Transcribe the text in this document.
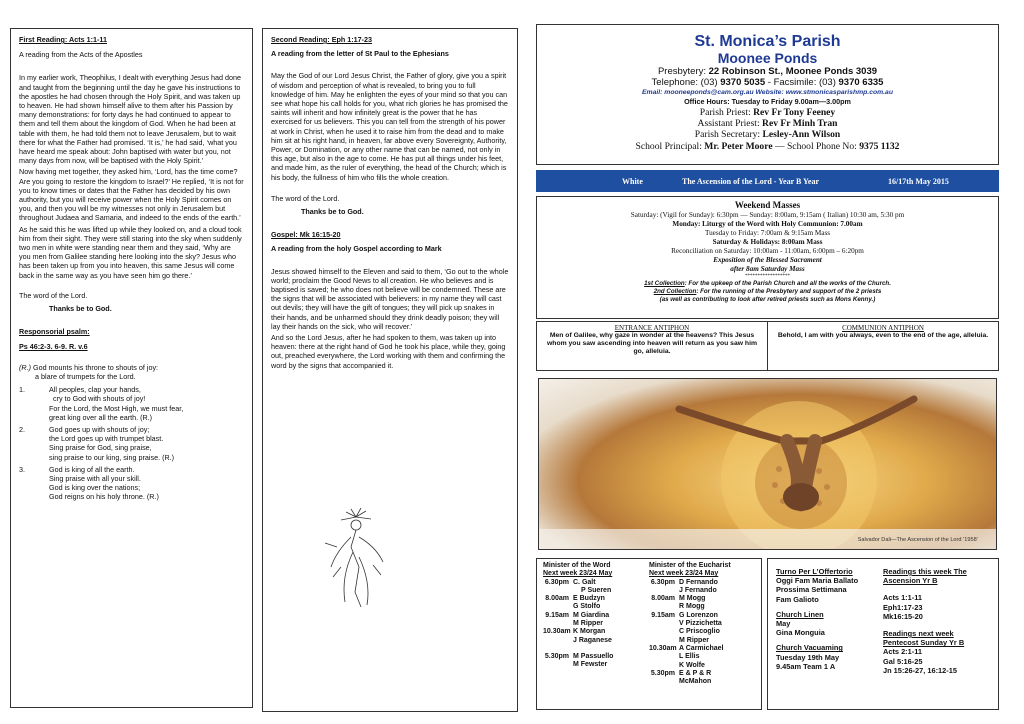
First Reading: Acts 1:1-11
A reading from the Acts of the Apostles
In my earlier work, Theophilus, I dealt with everything Jesus had done and taught from the beginning until the day he gave his instructions to the apostles he had chosen through the Holy Spirit, and was taken up to heaven. He had shown himself alive to them after his Passion by many demonstrations: for forty days he had continued to appear to them and tell them about the kingdom of God. When he had been at table with them, he had told them not to leave Jerusalem, but to wait there for what the Father had promised. ‘It is,’ he had said, ‘what you have heard me speak about: John baptised with water but you, not many days from now, will be baptised with the Holy Spirit.’
Now having met together, they asked him, ‘Lord, has the time come? Are you going to restore the kingdom to Israel?’ He replied, ‘It is not for you to know times or dates that the Father has decided by his own authority, but you will receive power when the Holy Spirit comes on you, and then you will be my witnesses not only in Jerusalem but throughout Judaea and Samaria, and indeed to the ends of the earth.’
As he said this he was lifted up while they looked on, and a cloud took him from their sight. They were still staring into the sky when suddenly two men in white were standing near them and they said, ‘Why are you men from Galilee standing here looking into the sky? Jesus who has been taken up from you into heaven, this same Jesus will come back in the same way as you have seen him go there.’
The word of the Lord.
Thanks be to God.
Responsorial psalm:
Ps 46:2-3. 6-9. R. v.6
(R.) God mounts his throne to shouts of joy:
a blare of trumpets for the Lord.
1.	All peoples, clap your hands,
cry to God with shouts of joy!
For the Lord, the Most High, we must fear,
great king over all the earth. (R.)
2.	God goes up with shouts of joy;
the Lord goes up with trumpet blast.
Sing praise for God, sing praise,
sing praise to our king, sing praise. (R.)
3.	God is king of all the earth.
Sing praise with all your skill.
God is king over the nations;
God reigns on his holy throne. (R.)
Second Reading: Eph 1:17-23
A reading from the letter of St Paul to the Ephesians
May the God of our Lord Jesus Christ, the Father of glory, give you a spirit of wisdom and perception of what is revealed, to bring you to full knowledge of him. May he enlighten the eyes of your mind so that you can see what hope his call holds for you, what rich glories he has promised the saints will inherit and how infinitely great is the power that he has exercised for us believers. This you can tell from the strength of his power at work in Christ, when he used it to raise him from the dead and to make him sit at his right hand, in heaven, far above every Sovereignty, Authority, Power, or Domination, or any other name that can be named, not only in this age, but also in the age to come. He has put all things under his feet, and made him, as the ruler of everything, the head of the Church; which is his body, the fullness of him who fills the whole creation.
The word of the Lord.
Thanks be to God.
Gospel: Mk 16:15-20
A reading from the holy Gospel according to Mark
Jesus showed himself to the Eleven and said to them, ‘Go out to the whole world; proclaim the Good News to all creation. He who believes and is baptised is saved; he who does not believe will be condemned. These are the signs that will be associated with believers: in my name they will cast out devils; they will have the gift of tongues; they will pick up snakes in their hands, and be unharmed should they drink deadly poison; they will lay their hands on the sick, who will recover.’
And so the Lord Jesus, after he had spoken to them, was taken up into heaven: there at the right hand of God he took his place, while they, going out, preached everywhere, the Lord working with them and confirming the word by the signs that accompanied it.
St. Monica’s Parish
Moonee Ponds
Presbytery: 22 Robinson St., Moonee Ponds 3039
Telephone: (03) 9370 5035 - Facsimile: (03) 9370 6335
Email: mooneeponds@cam.org.au Website: www.stmonicasparishmp.com.au
Office Hours: Tuesday to Friday 9.00am—3.00pm
Parish Priest: Rev Fr Tony Feeney
Assistant Priest: Rev Fr Minh Tran
Parish Secretary: Lesley-Ann Wilson
School Principal: Mr. Peter Moore — School Phone No: 9375 1132
White	The Ascension of the Lord - Year B Year	16/17th May 2015
Weekend Masses
Saturday: (Vigil for Sunday): 6:30pm — Sunday: 8:00am, 9:15am ( Italian) 10:30 am, 5:30 pm
Monday: Liturgy of the Word with Holy Communion: 7.00am
Tuesday to Friday: 7:00am & 9:15am Mass
Saturday & Holidays: 8:00am Mass
Reconciliation on Saturday: 10:00am - 11:00am, 6:00pm – 6:20pm
Exposition of the Blessed Sacrament
after 8am Saturday Mass
******************
1st Collection: For the upkeep of the Parish Church and all the works of the Church.
2nd Collection: For the running of the Presbytery and support of the 2 priests
(as well as contributing to look after retired priests such as Mons Kenny.)
ENTRANCE ANTIPHON
Men of Galilee, why gaze in wonder at the heavens? This Jesus whom you saw ascending into heaven will return as you saw him go, alleluia.
COMMUNION ANTIPHON
Behold, I am with you always, even to the end of the age, alleluia.
Salvador Dali—The Ascension of the Lord ‘1958’
Minister of the Word
Next week 23/24 May
6.30pm C. Galt
P Sueren
8.00am E Budzyn
G Stolfo
9.15am M Giardina
M Ripper
10.30am K Morgan
J Raganese
5.30pm M Passuello
M Fewster
Minister of the Eucharist
Next week 23/24 May
6.30pm D Fernando
J Fernando
8.00am M Mogg
R Mogg
9.15am G Lorenzon
V Pizzichetta
C Priscoglio
M Ripper
10.30am A Carmichael
L Ellis
K Wolfe
5.30pm E & P & R
McMahon
Turno Per L’Offertorio
Oggi Fam Maria Ballato
Prossima Settimana
Fam Galioto
Church Linen
May
Gina Monguia
Church Vacuaming
Tuesday 19th May
9.45am Team 1 A
Readings this week The Ascension Yr B
Acts 1:1-11
Eph1:17-23
Mk16:15-20
Readings next week Pentecost Sunday Yr B
Acts 2:1-11
Gal 5:16-25
Jn 15:26-27, 16:12-15
